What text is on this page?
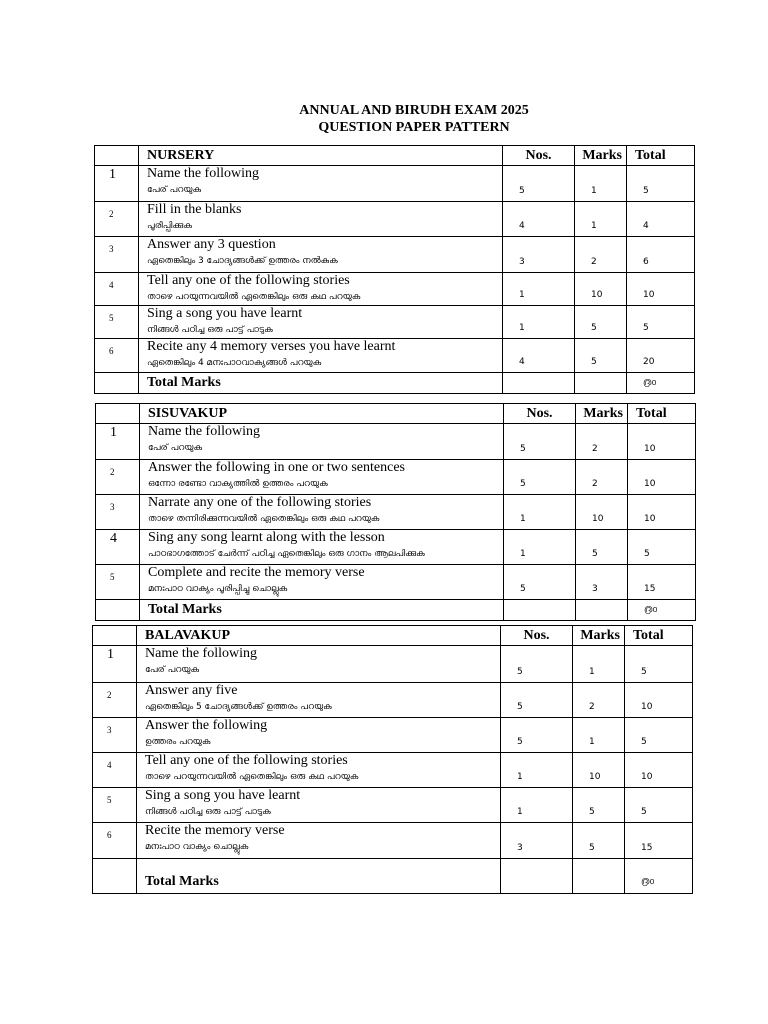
ANNUAL AND BIRUDH EXAM 2025
QUESTION PAPER PATTERN
	NURSERY	Nos.	Marks	Total
1	Name the following
പേര് പറയുക	5	1	5
2	Fill in the blanks
പൂരിപ്പിക്കുക	4	1	4
3	Answer any 3 question
ഏതെങ്കിലും 3 ചോദ്യങ്ങൾക്ക് ഉത്തരം നൽകുക	3	2	6
4	Tell any one of the following stories
താഴെ പറയുന്നവയിൽ ഏതെങ്കിലും ഒരു കഥ പറയുക	1	10	10
5	Sing a song you have learnt
നിങ്ങൾ പഠിച്ച ഒരു പാട്ട് പാടുക	1	5	5
6	Recite any 4 memory verses you have learnt
ഏതെങ്കിലും 4 മനഃപാഠവാക്യങ്ങൾ പറയുക	4	5	20
	Total Marks			൫൦
	SISUVAKUP	Nos.	Marks	Total
1	Name the following
പേര് പറയുക	5	2	10
2	Answer the following in one or two sentences
ഒന്നോ രണ്ടോ വാക്യത്തിൽ ഉത്തരം പറയുക	5	2	10
3	Narrate any one of the following stories
താഴെ തന്നിരിക്കുന്നവയിൽ ഏതെങ്കിലും ഒരു കഥ പറയുക	1	10	10
4	Sing any song learnt along with the lesson
പാഠഭാഗത്തോട് ചേർന്ന് പഠിച്ച ഏതെങ്കിലും ഒരു ഗാനം ആലപിക്കുക	1	5	5
5	Complete and recite the memory verse
മനഃപാഠ വാക്യം പൂരിപ്പിച്ചു ചൊല്ലുക	5	3	15
	Total Marks			൫൦
	BALAVAKUP	Nos.	Marks	Total
1	Name the following
പേര് പറയുക	5	1	5
2	Answer any five
ഏതെങ്കിലും 5 ചോദ്യങ്ങൾക്ക് ഉത്തരം പറയുക	5	2	10
3	Answer the following
ഉത്തരം പറയുക	5	1	5
4	Tell any one of the following stories
താഴെ പറയുന്നവയിൽ ഏതെങ്കിലും ഒരു കഥ പറയുക	1	10	10
5	Sing a song you have learnt
നിങ്ങൾ പഠിച്ച ഒരു പാട്ട് പാടുക	1	5	5
6	Recite the memory verse
മനഃപാഠ വാക്യം ചൊല്ലുക	3	5	15
	Total Marks			൫൦
